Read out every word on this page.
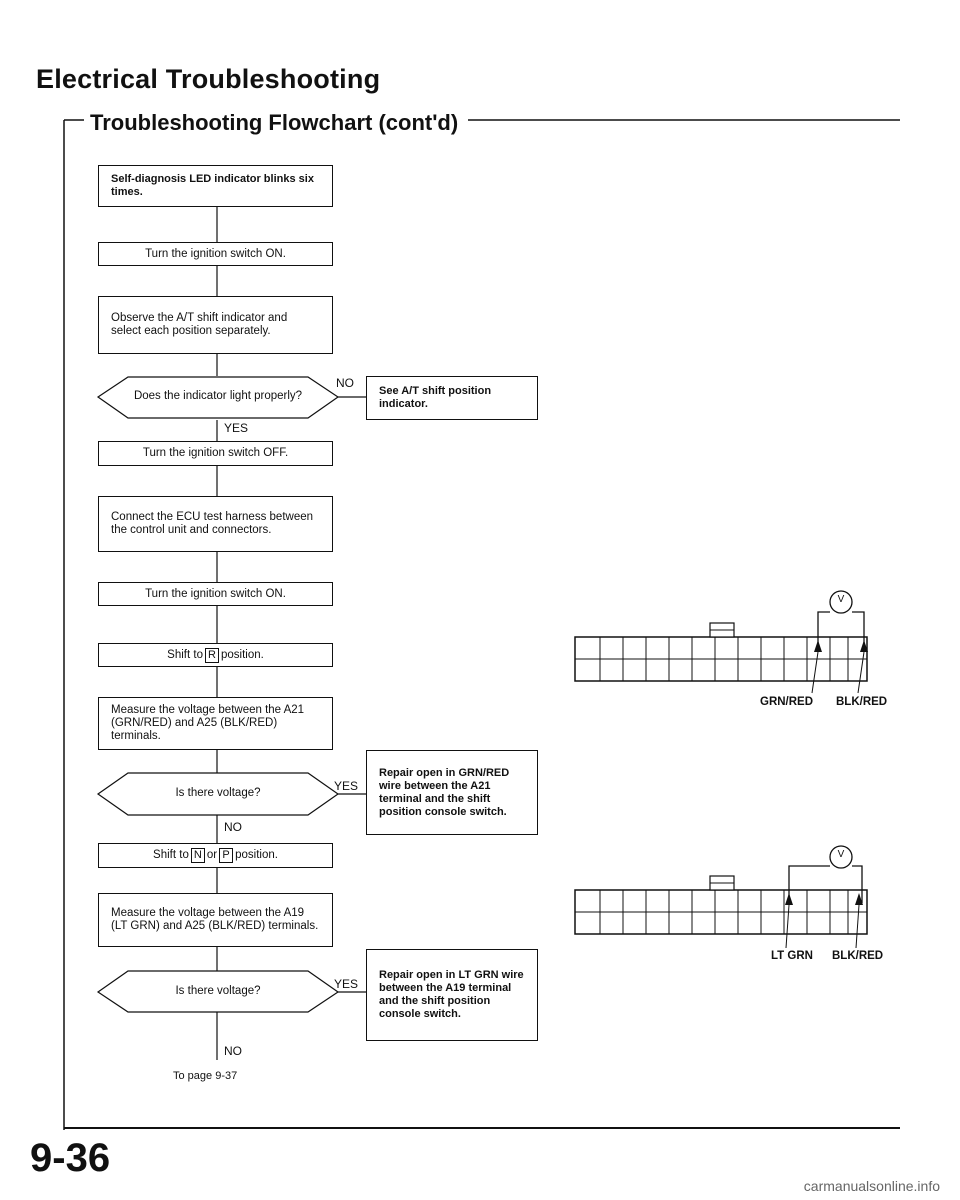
Electrical Troubleshooting
Troubleshooting Flowchart (cont'd)
Self-diagnosis LED indicator blinks six times.
Turn the ignition switch ON.
Observe the A/T shift indicator and select each position separately.
Does the indicator light properly?
NO
YES
See A/T shift position indicator.
Turn the ignition switch OFF.
Connect the ECU test harness between the control unit and connectors.
Turn the ignition switch ON.
Shift to R position.
Measure the voltage between the A21 (GRN/RED) and A25 (BLK/RED) terminals.
Is there voltage?	YES
NO
Repair open in GRN/RED wire between the A21 terminal and the shift position console switch.
Shift to N or P position.
Measure the voltage between the A19 (LT GRN) and A25 (BLK/RED) terminals.
Is there voltage?	YES
NO
Repair open in LT GRN wire between the A19 terminal and the shift position console switch.
To page 9-37
V
GRN/RED BLK/RED
V
LT GRN BLK/RED
9-36
carmanualsonline.info
